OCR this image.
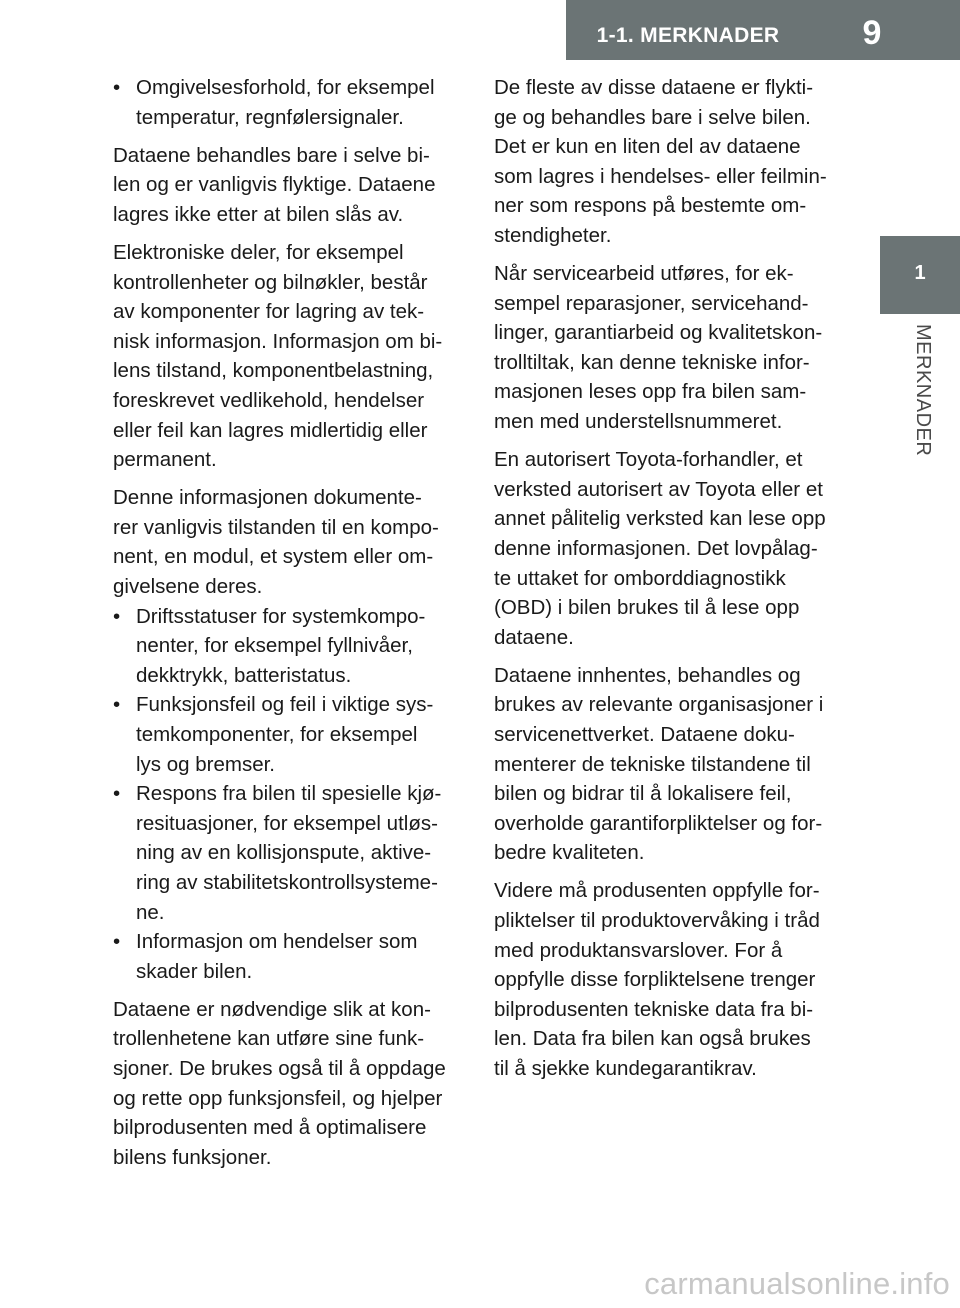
1-1. MERKNADER	9
1
MERKNADER
• Omgivelsesforhold, for eksempel
temperatur, regnfølersignaler.
Dataene behandles bare i selve bi-
len og er vanligvis flyktige. Dataene
lagres ikke etter at bilen slås av.
Elektroniske deler, for eksempel
kontrollenheter og bilnøkler, består
av komponenter for lagring av tek-
nisk informasjon. Informasjon om bi-
lens tilstand, komponentbelastning,
foreskrevet vedlikehold, hendelser
eller feil kan lagres midlertidig eller
permanent.
Denne informasjonen dokumente-
rer vanligvis tilstanden til en kompo-
nent, en modul, et system eller om-
givelsene deres.
• Driftsstatuser for systemkompo-
nenter, for eksempel fyllnivåer,
dekktrykk, batteristatus.
• Funksjonsfeil og feil i viktige sys-
temkomponenter, for eksempel
lys og bremser.
• Respons fra bilen til spesielle kjø-
resituasjoner, for eksempel utløs-
ning av en kollisjonspute, aktive-
ring av stabilitetskontrollsysteme-
ne.
• Informasjon om hendelser som
skader bilen.
Dataene er nødvendige slik at kon-
trollenhetene kan utføre sine funk-
sjoner. De brukes også til å oppdage
og rette opp funksjonsfeil, og hjelper
bilprodusenten med å optimalisere
bilens funksjoner.
De fleste av disse dataene er flykti-
ge og behandles bare i selve bilen.
Det er kun en liten del av dataene
som lagres i hendelses- eller feilmin-
ner som respons på bestemte om-
stendigheter.
Når servicearbeid utføres, for ek-
sempel reparasjoner, servicehand-
linger, garantiarbeid og kvalitetskon-
trolltiltak, kan denne tekniske infor-
masjonen leses opp fra bilen sam-
men med understellsnummeret.
En autorisert Toyota-forhandler, et
verksted autorisert av Toyota eller et
annet pålitelig verksted kan lese opp
denne informasjonen. Det lovpålag-
te uttaket for omborddiagnostikk
(OBD) i bilen brukes til å lese opp
dataene.
Dataene innhentes, behandles og
brukes av relevante organisasjoner i
servicenettverket. Dataene doku-
menterer de tekniske tilstandene til
bilen og bidrar til å lokalisere feil,
overholde garantiforpliktelser og for-
bedre kvaliteten.
Videre må produsenten oppfylle for-
pliktelser til produktovervåking i tråd
med produktansvarslover. For å
oppfylle disse forpliktelsene trenger
bilprodusenten tekniske data fra bi-
len. Data fra bilen kan også brukes
til å sjekke kundegarantikrav.
carmanualsonline.info
